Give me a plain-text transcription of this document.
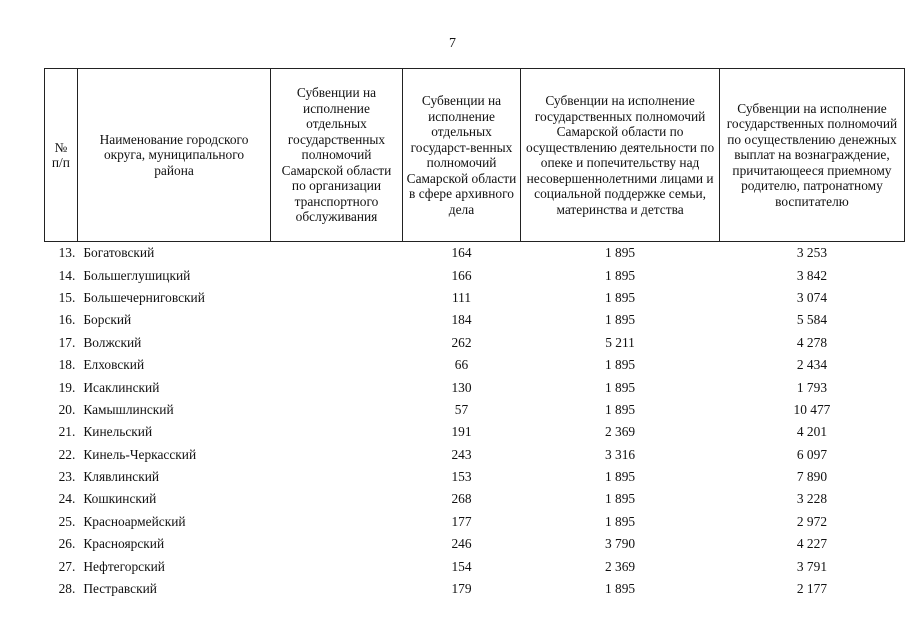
7
№ п/п	Наименование городского округа, муниципального района	Субвенции на исполнение отдельных государственных полномочий Самарской области по организации транспортного обслуживания	Субвенции на исполнение отдельных государст-венных полномочий Самарской области в сфере архивного дела	Субвенции на исполнение государственных полномочий Самарской области по осуществлению деятельности по опеке и попечительству над несовершеннолетними лицами и социальной поддержке семьи, материнства и детства	Субвенции на исполнение государственных полномочий по осуществлению денежных выплат на вознаграждение, причитающееся приемному родителю, патронатному воспитателю
13.	Богатовский		164	1 895	3 253
14.	Большеглушицкий		166	1 895	3 842
15.	Большечерниговский		111	1 895	3 074
16.	Борский		184	1 895	5 584
17.	Волжский		262	5 211	4 278
18.	Елховский		66	1 895	2 434
19.	Исаклинский		130	1 895	1 793
20.	Камышлинский		57	1 895	10 477
21.	Кинельский		191	2 369	4 201
22.	Кинель-Черкасский		243	3 316	6 097
23.	Клявлинский		153	1 895	7 890
24.	Кошкинский		268	1 895	3 228
25.	Красноармейский		177	1 895	2 972
26.	Красноярский		246	3 790	4 227
27.	Нефтегорский		154	2 369	3 791
28.	Пестравский		179	1 895	2 177
